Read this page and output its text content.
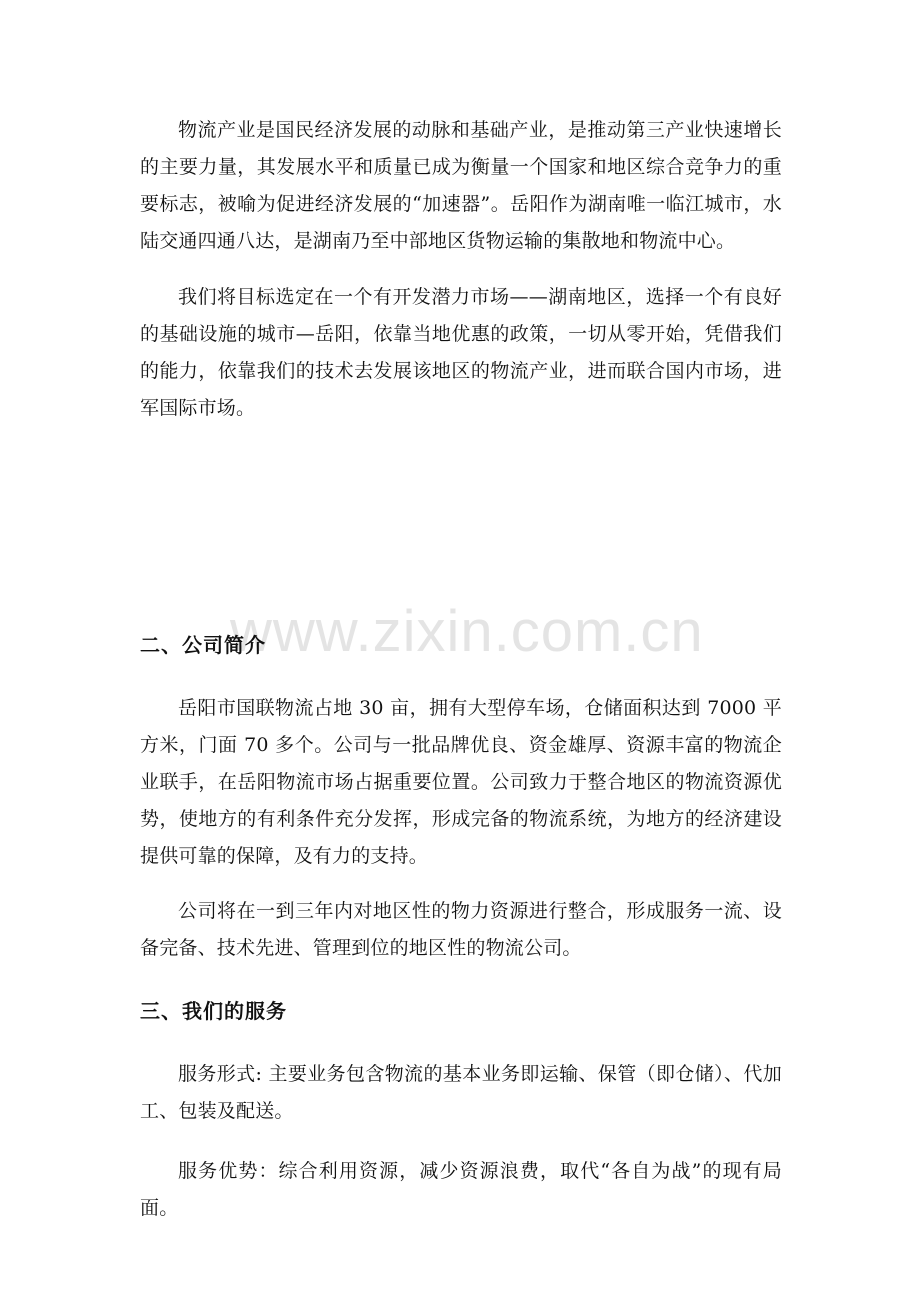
www.zixin.com.cn

物流产业是国民经济发展的动脉和基础产业，是推动第三产业快速增长的主要力量，其发展水平和质量已成为衡量一个国家和地区综合竞争力的重要标志，被喻为促进经济发展的“加速器”。岳阳作为湖南唯一临江城市，水陆交通四通八达，是湖南乃至中部地区货物运输的集散地和物流中心。

我们将目标选定在一个有开发潜力市场——湖南地区，选择一个有良好的基础设施的城市—岳阳，依靠当地优惠的政策，一切从零开始，凭借我们的能力，依靠我们的技术去发展该地区的物流产业，进而联合国内市场，进军国际市场。

二、公司简介

岳阳市国联物流占地 30 亩，拥有大型停车场，仓储面积达到 7000 平方米，门面 70 多个。公司与一批品牌优良、资金雄厚、资源丰富的物流企业联手，在岳阳物流市场占据重要位置。公司致力于整合地区的物流资源优势，使地方的有利条件充分发挥，形成完备的物流系统，为地方的经济建设提供可靠的保障，及有力的支持。

公司将在一到三年内对地区性的物力资源进行整合，形成服务一流、设备完备、技术先进、管理到位的地区性的物流公司。

三、我们的服务

服务形式: 主要业务包含物流的基本业务即运输、保管（即仓储）、代加工、包装及配送。

服务优势：综合利用资源，减少资源浪费，取代“各自为战”的现有局面。
